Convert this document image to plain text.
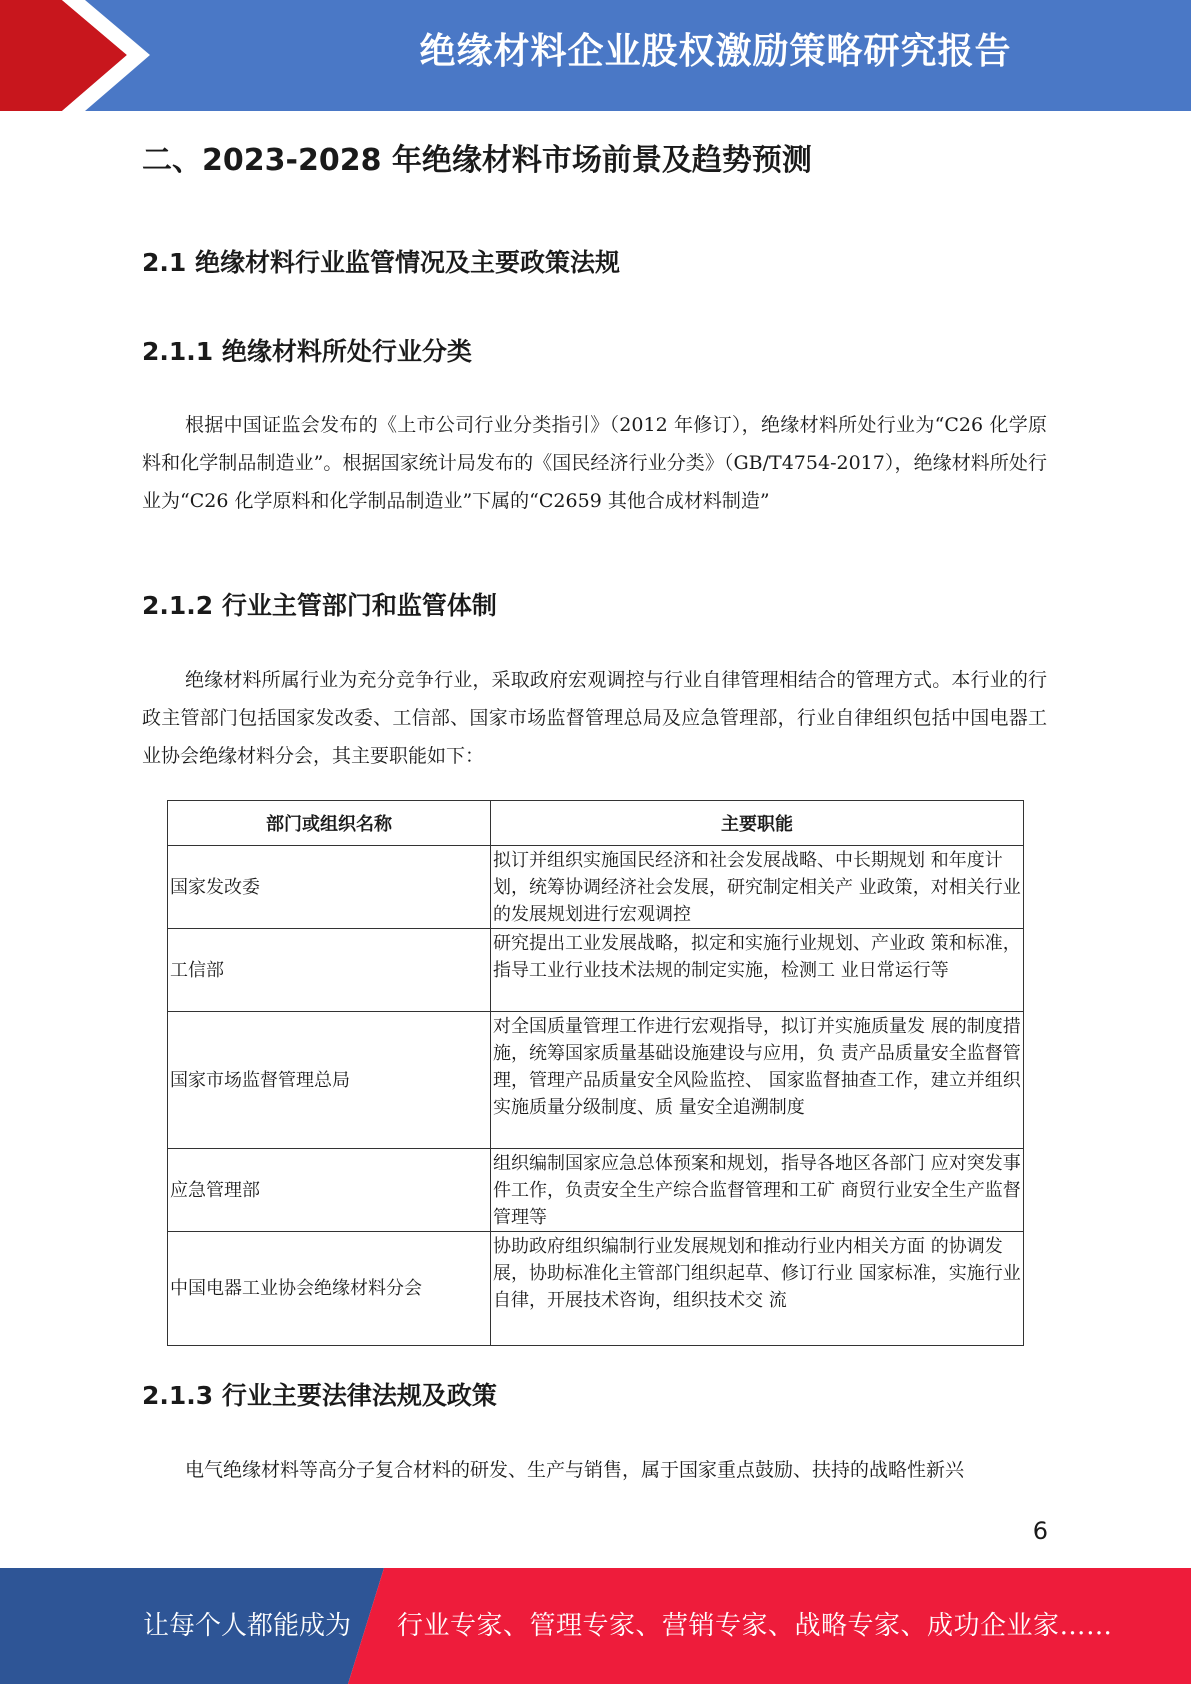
绝缘材料企业股权激励策略研究报告
二、2023-2028 年绝缘材料市场前景及趋势预测
2.1 绝缘材料行业监管情况及主要政策法规
2.1.1 绝缘材料所处行业分类

根据中国证监会发布的《上市公司行业分类指引》（2012 年修订），绝缘材料所处行业为“C26 化学原料和化学制品制造业”。根据国家统计局发布的《国民经济行业分类》（GB/T4754-2017），绝缘材料所处行业为“C26 化学原料和化学制品制造业”下属的“C2659 其他合成材料制造”

2.1.2 行业主管部门和监管体制

绝缘材料所属行业为充分竞争行业，采取政府宏观调控与行业自律管理相结合的管理方式。本行业的行政主管部门包括国家发改委、工信部、国家市场监督管理总局及应急管理部，行业自律组织包括中国电器工业协会绝缘材料分会，其主要职能如下：

部门或组织名称	主要职能
国家发改委	拟订并组织实施国民经济和社会发展战略、中长期规划 和年度计划，统筹协调经济社会发展，研究制定相关产 业政策，对相关行业的发展规划进行宏观调控
工信部	研究提出工业发展战略，拟定和实施行业规划、产业政 策和标准，指导工业行业技术法规的制定实施，检测工 业日常运行等
国家市场监督管理总局	对全国质量管理工作进行宏观指导，拟订并实施质量发 展的制度措施，统筹国家质量基础设施建设与应用，负 责产品质量安全监督管理，管理产品质量安全风险监控、 国家监督抽查工作，建立并组织实施质量分级制度、质 量安全追溯制度
应急管理部	组织编制国家应急总体预案和规划，指导各地区各部门 应对突发事件工作，负责安全生产综合监督管理和工矿 商贸行业安全生产监督管理等
中国电器工业协会绝缘材料分会	协助政府组织编制行业发展规划和推动行业内相关方面 的协调发展，协助标准化主管部门组织起草、修订行业 国家标准，实施行业自律，开展技术咨询，组织技术交 流
2.1.3 行业主要法律法规及政策

电气绝缘材料等高分子复合材料的研发、生产与销售，属于国家重点鼓励、扶持的战略性新兴

6
让每个人都能成为 行业专家、管理专家、营销专家、战略专家、成功企业家……
